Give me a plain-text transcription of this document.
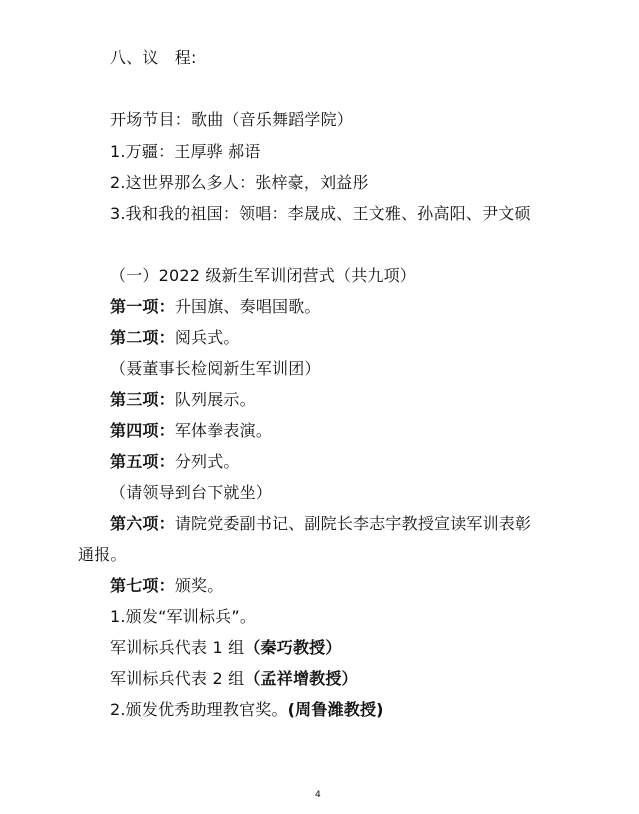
八、议　程:
开场节目：歌曲（音乐舞蹈学院）
1.万疆：王厚骅 郝语
2.这世界那么多人：张梓豪，刘益彤
3.我和我的祖国：领唱：李晟成、王文雅、孙高阳、尹文硕
（一）2022 级新生军训闭营式（共九项）
第一项：升国旗、奏唱国歌。
第二项：阅兵式。
（聂董事长检阅新生军训团）
第三项：队列展示。
第四项：军体拳表演。
第五项：分列式。
（请领导到台下就坐）
第六项：请院党委副书记、副院长李志宇教授宣读军训表彰
通报。
第七项：颁奖。
1.颁发“军训标兵”。
军训标兵代表 1 组（秦巧教授）
军训标兵代表 2 组（孟祥增教授）
2.颁发优秀助理教官奖。(周鲁潍教授)
4
